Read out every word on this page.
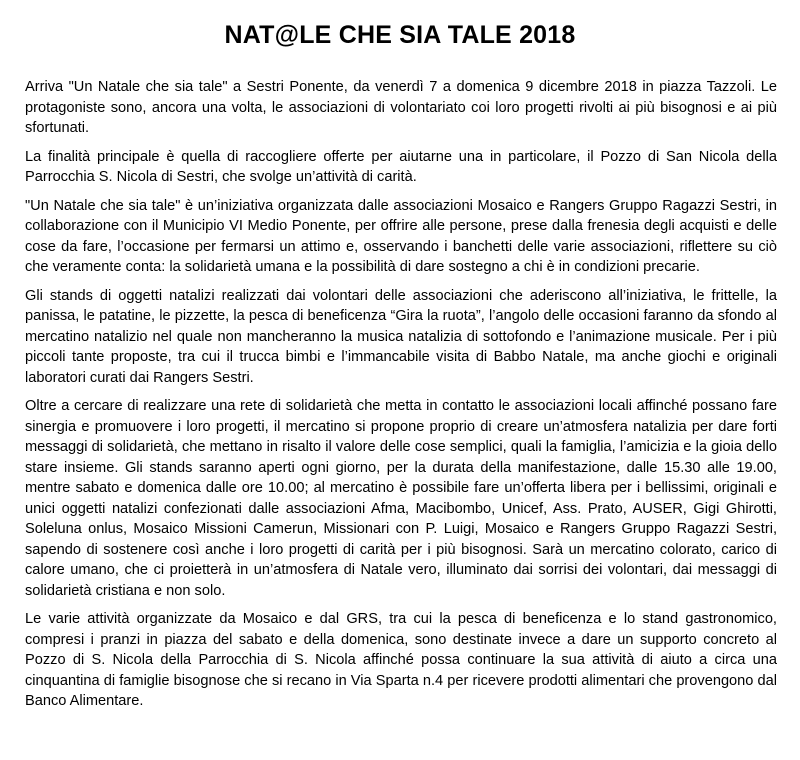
NAT@LE CHE SIA TALE 2018

Arriva "Un Natale che sia tale" a Sestri Ponente, da venerdì 7 a domenica 9 dicembre 2018 in piazza Tazzoli. Le protagoniste sono, ancora una volta, le associazioni di volontariato coi loro progetti rivolti ai più bisognosi e ai più sfortunati.

La finalità principale è quella di raccogliere offerte per aiutarne una in particolare, il Pozzo di San Nicola della Parrocchia S. Nicola di Sestri, che svolge un’attività di carità.

"Un Natale che sia tale" è un’iniziativa organizzata dalle associazioni Mosaico e Rangers Gruppo Ragazzi Sestri, in collaborazione con il Municipio VI Medio Ponente, per offrire alle persone, prese dalla frenesia degli acquisti e delle cose da fare, l’occasione per fermarsi un attimo e, osservando i banchetti delle varie associazioni, riflettere su ciò che veramente conta: la solidarietà umana e la possibilità di dare sostegno a chi è in condizioni precarie.

Gli stands di oggetti natalizi realizzati dai volontari delle associazioni che aderiscono all’iniziativa, le frittelle, la panissa, le patatine, le pizzette, la pesca di beneficenza “Gira la ruota”, l’angolo delle occasioni faranno da sfondo al mercatino natalizio nel quale non mancheranno la musica natalizia di sottofondo e l’animazione musicale. Per i più piccoli tante proposte, tra cui il trucca bimbi e l’immancabile visita di Babbo Natale, ma anche giochi e originali laboratori curati dai Rangers Sestri.

Oltre a cercare di realizzare una rete di solidarietà che metta in contatto le associazioni locali affinché possano fare sinergia e promuovere i loro progetti, il mercatino si propone proprio di creare un’atmosfera natalizia per dare forti messaggi di solidarietà, che mettano in risalto il valore delle cose semplici, quali la famiglia, l’amicizia e la gioia dello stare insieme. Gli stands saranno aperti ogni giorno, per la durata della manifestazione, dalle 15.30 alle 19.00, mentre sabato e domenica dalle ore 10.00; al mercatino è possibile fare un’offerta libera per i bellissimi, originali e unici oggetti natalizi confezionati dalle associazioni Afma, Macibombo, Unicef, Ass. Prato, AUSER, Gigi Ghirotti, Soleluna onlus, Mosaico Missioni Camerun, Missionari con P. Luigi, Mosaico e Rangers Gruppo Ragazzi Sestri, sapendo di sostenere così anche i loro progetti di carità per i più bisognosi. Sarà un mercatino colorato, carico di calore umano, che ci proietterà in un’atmosfera di Natale vero, illuminato dai sorrisi dei volontari, dai messaggi di solidarietà cristiana e non solo.

Le varie attività organizzate da Mosaico e dal GRS, tra cui la pesca di beneficenza e lo stand gastronomico, compresi i pranzi in piazza del sabato e della domenica, sono destinate invece a dare un supporto concreto al Pozzo di S. Nicola della Parrocchia di S. Nicola affinché possa continuare la sua attività di aiuto a circa una cinquantina di famiglie bisognose che si recano in Via Sparta n.4 per ricevere prodotti alimentari che provengono dal Banco Alimentare.
